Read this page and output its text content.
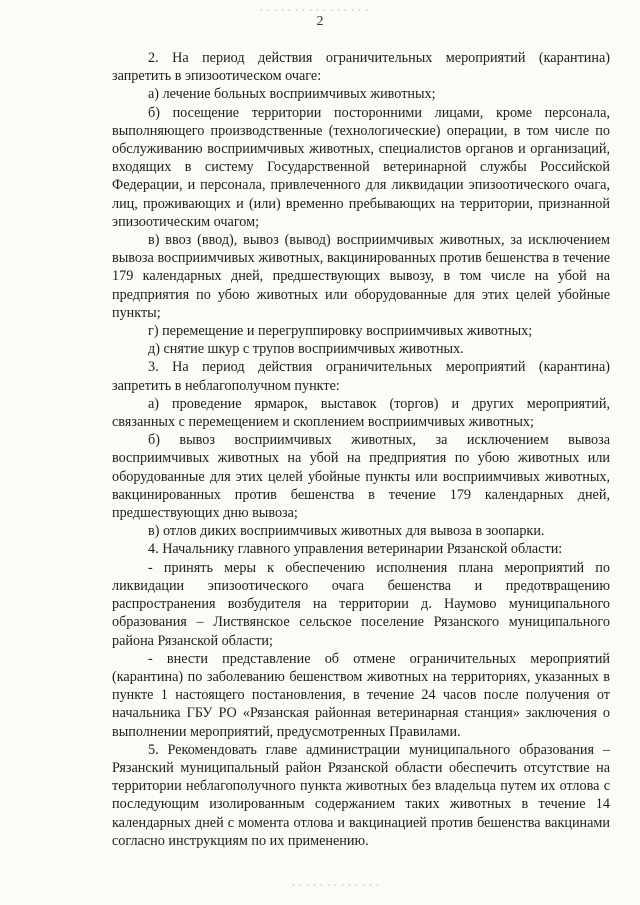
2

2. На период действия ограничительных мероприятий (карантина) запретить в эпизоотическом очаге:

а) лечение больных восприимчивых животных;

б) посещение территории посторонними лицами, кроме персонала, выполняющего производственные (технологические) операции, в том числе по обслуживанию восприимчивых животных, специалистов органов и организаций, входящих в систему Государственной ветеринарной службы Российской Федерации, и персонала, привлеченного для ликвидации эпизоотического очага, лиц, проживающих и (или) временно пребывающих на территории, признанной эпизоотическим очагом;

в) ввоз (ввод), вывоз (вывод) восприимчивых животных, за исключением вывоза восприимчивых животных, вакцинированных против бешенства в течение 179 календарных дней, предшествующих вывозу, в том числе на убой на предприятия по убою животных или оборудованные для этих целей убойные пункты;

г) перемещение и перегруппировку восприимчивых животных;

д) снятие шкур с трупов восприимчивых животных.

3. На период действия ограничительных мероприятий (карантина) запретить в неблагополучном пункте:

а) проведение ярмарок, выставок (торгов) и других мероприятий, связанных с перемещением и скоплением восприимчивых животных;

б) вывоз восприимчивых животных, за исключением вывоза восприимчивых животных на убой на предприятия по убою животных или оборудованные для этих целей убойные пункты или восприимчивых животных, вакцинированных против бешенства в течение 179 календарных дней, предшествующих дню вывоза;

в) отлов диких восприимчивых животных для вывоза в зоопарки.

4. Начальнику главного управления ветеринарии Рязанской области:

- принять меры к обеспечению исполнения плана мероприятий по ликвидации эпизоотического очага бешенства и предотвращению распространения возбудителя на территории д. Наумово муниципального образования – Листвянское сельское поселение Рязанского муниципального района Рязанской области;

- внести представление об отмене ограничительных мероприятий (карантина) по заболеванию бешенством животных на территориях, указанных в пункте 1 настоящего постановления, в течение 24 часов после получения от начальника ГБУ РО «Рязанская районная ветеринарная станция» заключения о выполнении мероприятий, предусмотренных Правилами.

5. Рекомендовать главе администрации муниципального образования – Рязанский муниципальный район Рязанской области обеспечить отсутствие на территории неблагополучного пункта животных без владельца путем их отлова с последующим изолированным содержанием таких животных в течение 14 календарных дней с момента отлова и вакцинацией против бешенства вакцинами согласно инструкциям по их применению.
